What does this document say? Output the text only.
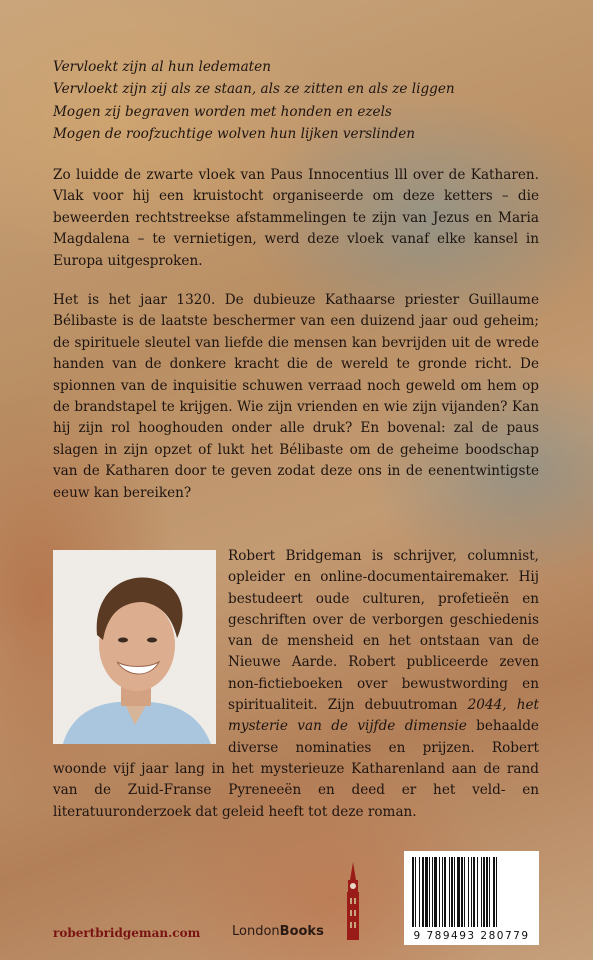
Vervloekt zijn al hun ledematen
Vervloekt zijn zij als ze staan, als ze zitten en als ze liggen
Mogen zij begraven worden met honden en ezels
Mogen de roofzuchtige wolven hun lijken verslinden

Zo luidde de zwarte vloek van Paus Innocentius lll over de Katharen. Vlak voor hij een kruistocht organiseerde om deze ketters – die beweerden rechtstreekse afstammelingen te zijn van Jezus en Maria Magdalena – te vernietigen, werd deze vloek vanaf elke kansel in Europa uitgesproken.

Het is het jaar 1320. De dubieuze Kathaarse priester Guillaume Bélibaste is de laatste beschermer van een duizend jaar oud geheim; de spirituele sleutel van liefde die mensen kan bevrijden uit de wrede handen van de donkere kracht die de wereld te gronde richt. De spionnen van de inquisitie schuwen verraad noch geweld om hem op de brandstapel te krijgen. Wie zijn vrienden en wie zijn vijanden? Kan hij zijn rol hooghouden onder alle druk? En bovenal: zal de paus slagen in zijn opzet of lukt het Bélibaste om de geheime boodschap van de Katharen door te geven zodat deze ons in de eenentwintigste eeuw kan bereiken?

Robert Bridgeman is schrijver, columnist, opleider en online-documentairemaker. Hij bestudeert oude culturen, profetieën en geschriften over de verborgen geschiedenis van de mensheid en het ontstaan van de Nieuwe Aarde. Robert publiceerde zeven non-fictieboeken over bewustwording en spiritualiteit. Zijn debuutroman 2044, het mysterie van de vijfde dimensie behaalde diverse nominaties en prijzen. Robert woonde vijf jaar lang in het mysterieuze Katharenland aan de rand van de Zuid-Franse Pyreneeën en deed er het veld- en literatuuronderzoek dat geleid heeft tot deze roman.

robertbridgeman.com LondonBooks	9 789493 280779
